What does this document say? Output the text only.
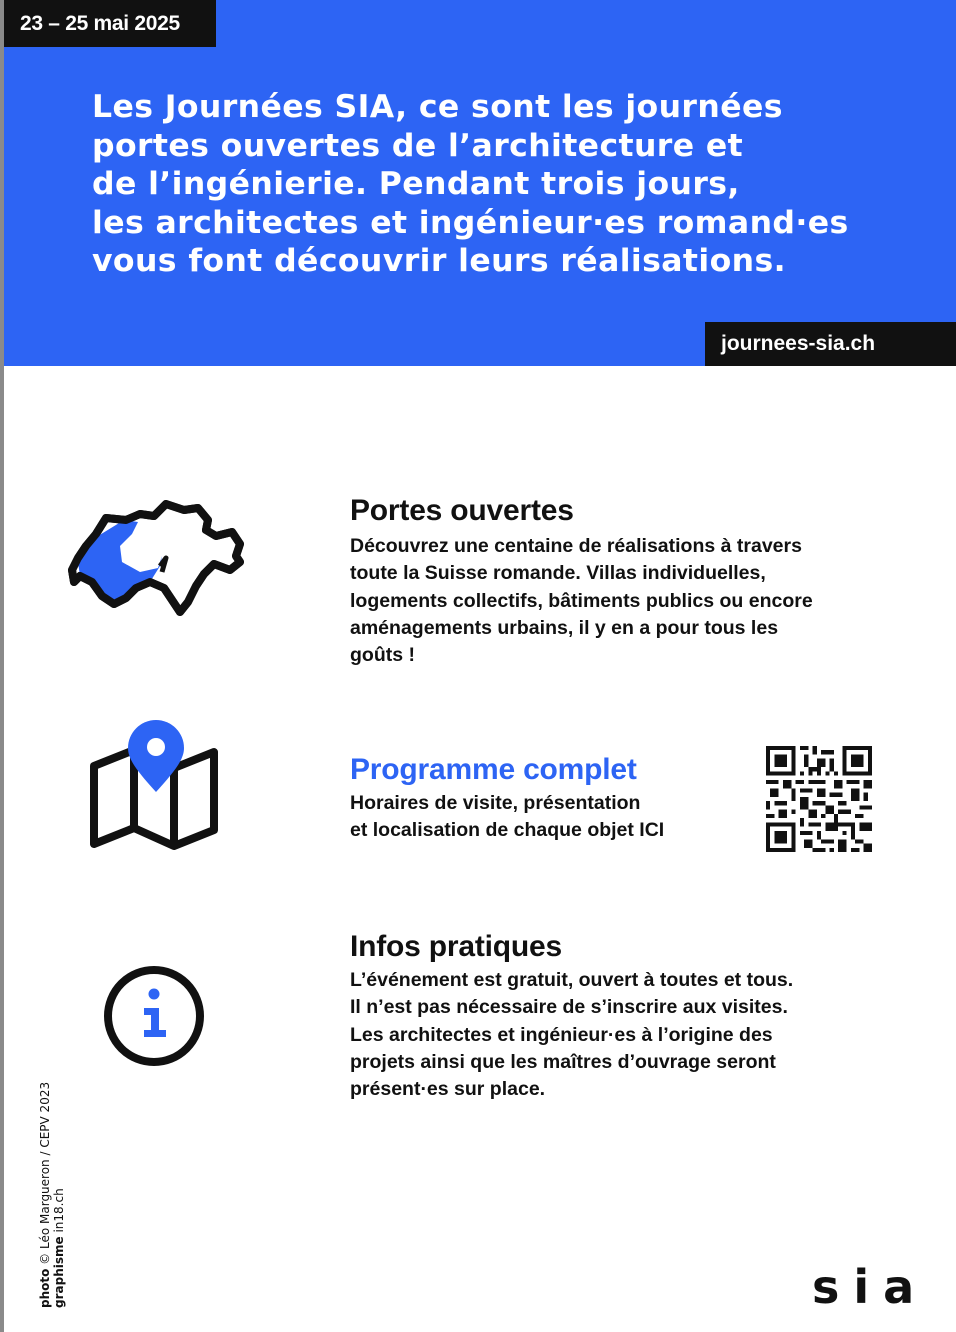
23 – 25 mai 2025

Les Journées SIA, ce sont les journées
portes ouvertes de l’architecture et
de l’ingénierie. Pendant trois jours,
les architectes et ingénieur·es romand·es
vous font découvrir leurs réalisations.

journees-sia.ch
Portes ouvertes

Découvrez une centaine de réalisations à travers
toute la Suisse romande. Villas individuelles,
logements collectifs, bâtiments publics ou encore
aménagements urbains, il y en a pour tous les
goûts !

Programme complet

Horaires de visite, présentation
et localisation de chaque objet ICI

Infos pratiques

L’événement est gratuit, ouvert à toutes et tous.
Il n’est pas nécessaire de s’inscrire aux visites.
Les architectes et ingénieur·es à l’origine des
projets ainsi que les maîtres d’ouvrage seront
présent·es sur place.

photo © Léo Margueron / CEPV 2023
graphisme in18.ch
sia
